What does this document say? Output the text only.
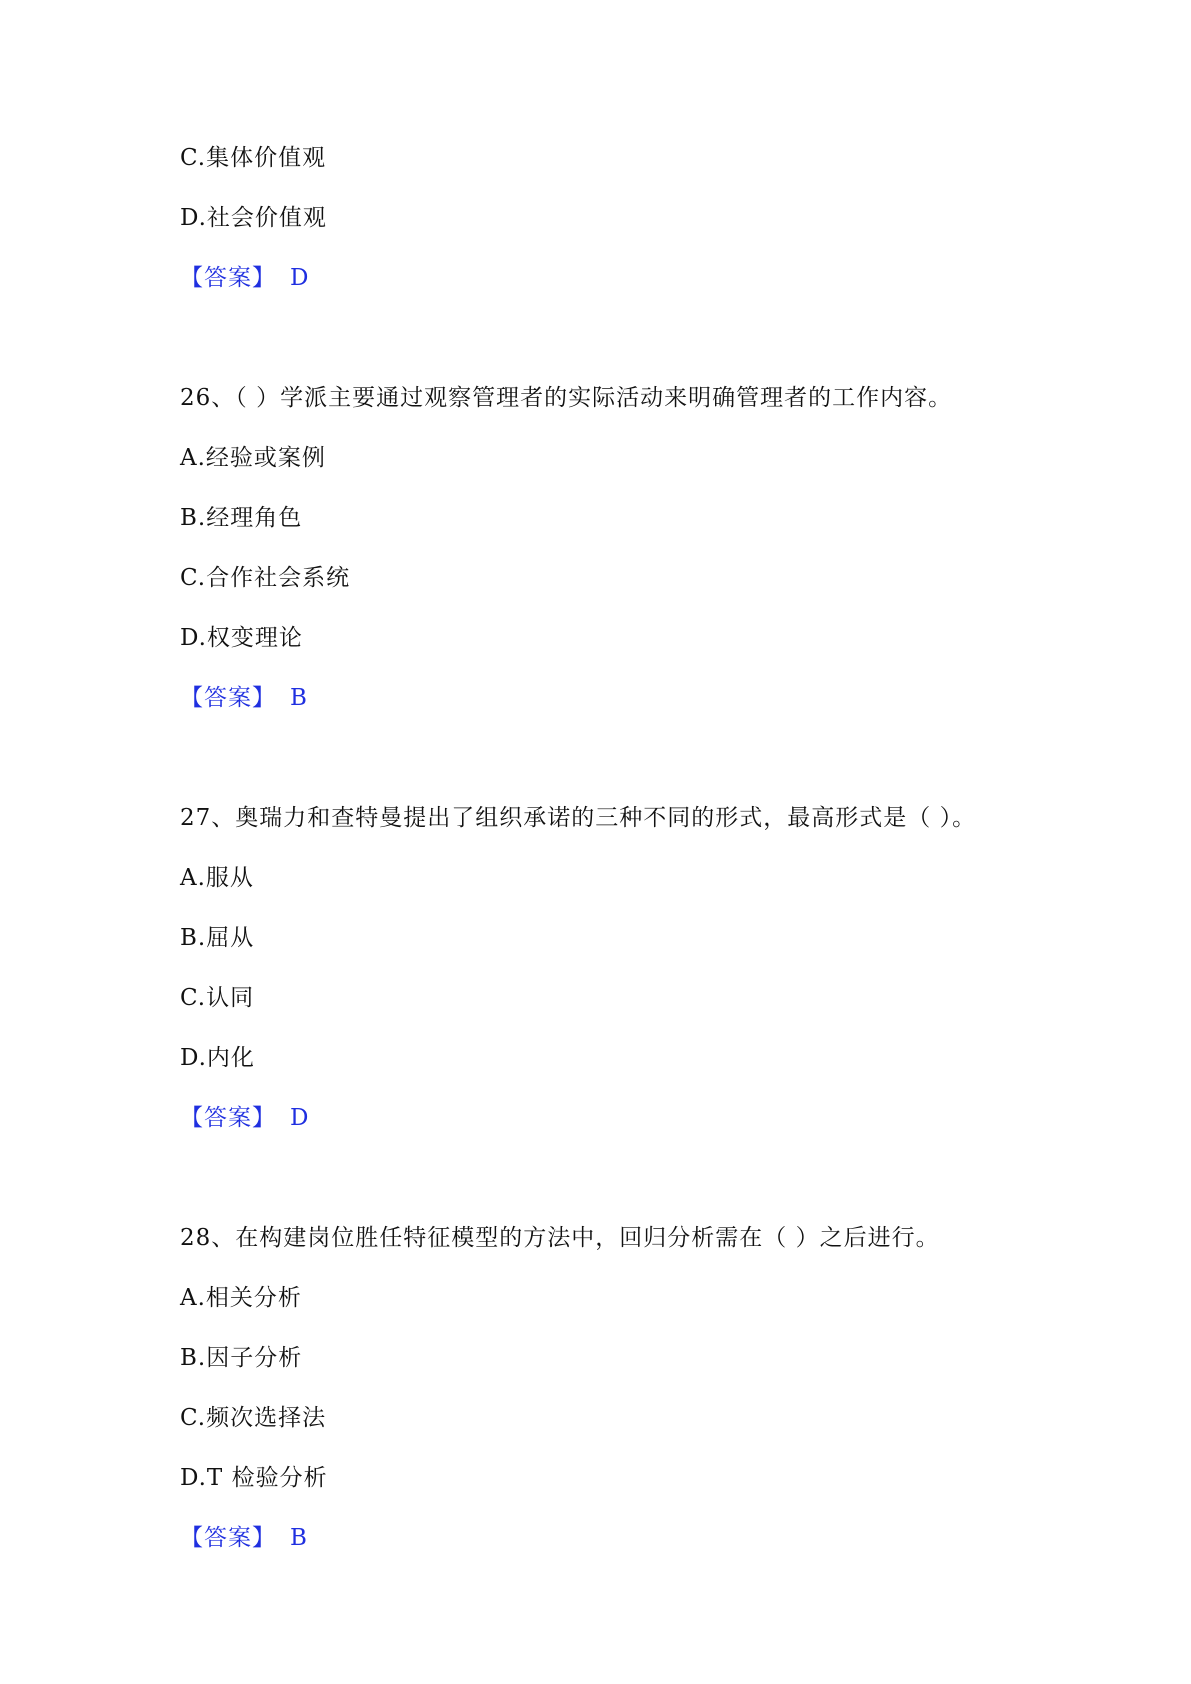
C.集体价值观
D.社会价值观
【答案】 D
26、（ ）学派主要通过观察管理者的实际活动来明确管理者的工作内容。
A.经验或案例
B.经理角色
C.合作社会系统
D.权变理论
【答案】 B
27、奥瑞力和查特曼提出了组织承诺的三种不同的形式，最高形式是（ ）。
A.服从
B.屈从
C.认同
D.内化
【答案】 D
28、在构建岗位胜任特征模型的方法中，回归分析需在（ ）之后进行。
A.相关分析
B.因子分析
C.频次选择法
D.T 检验分析
【答案】 B
